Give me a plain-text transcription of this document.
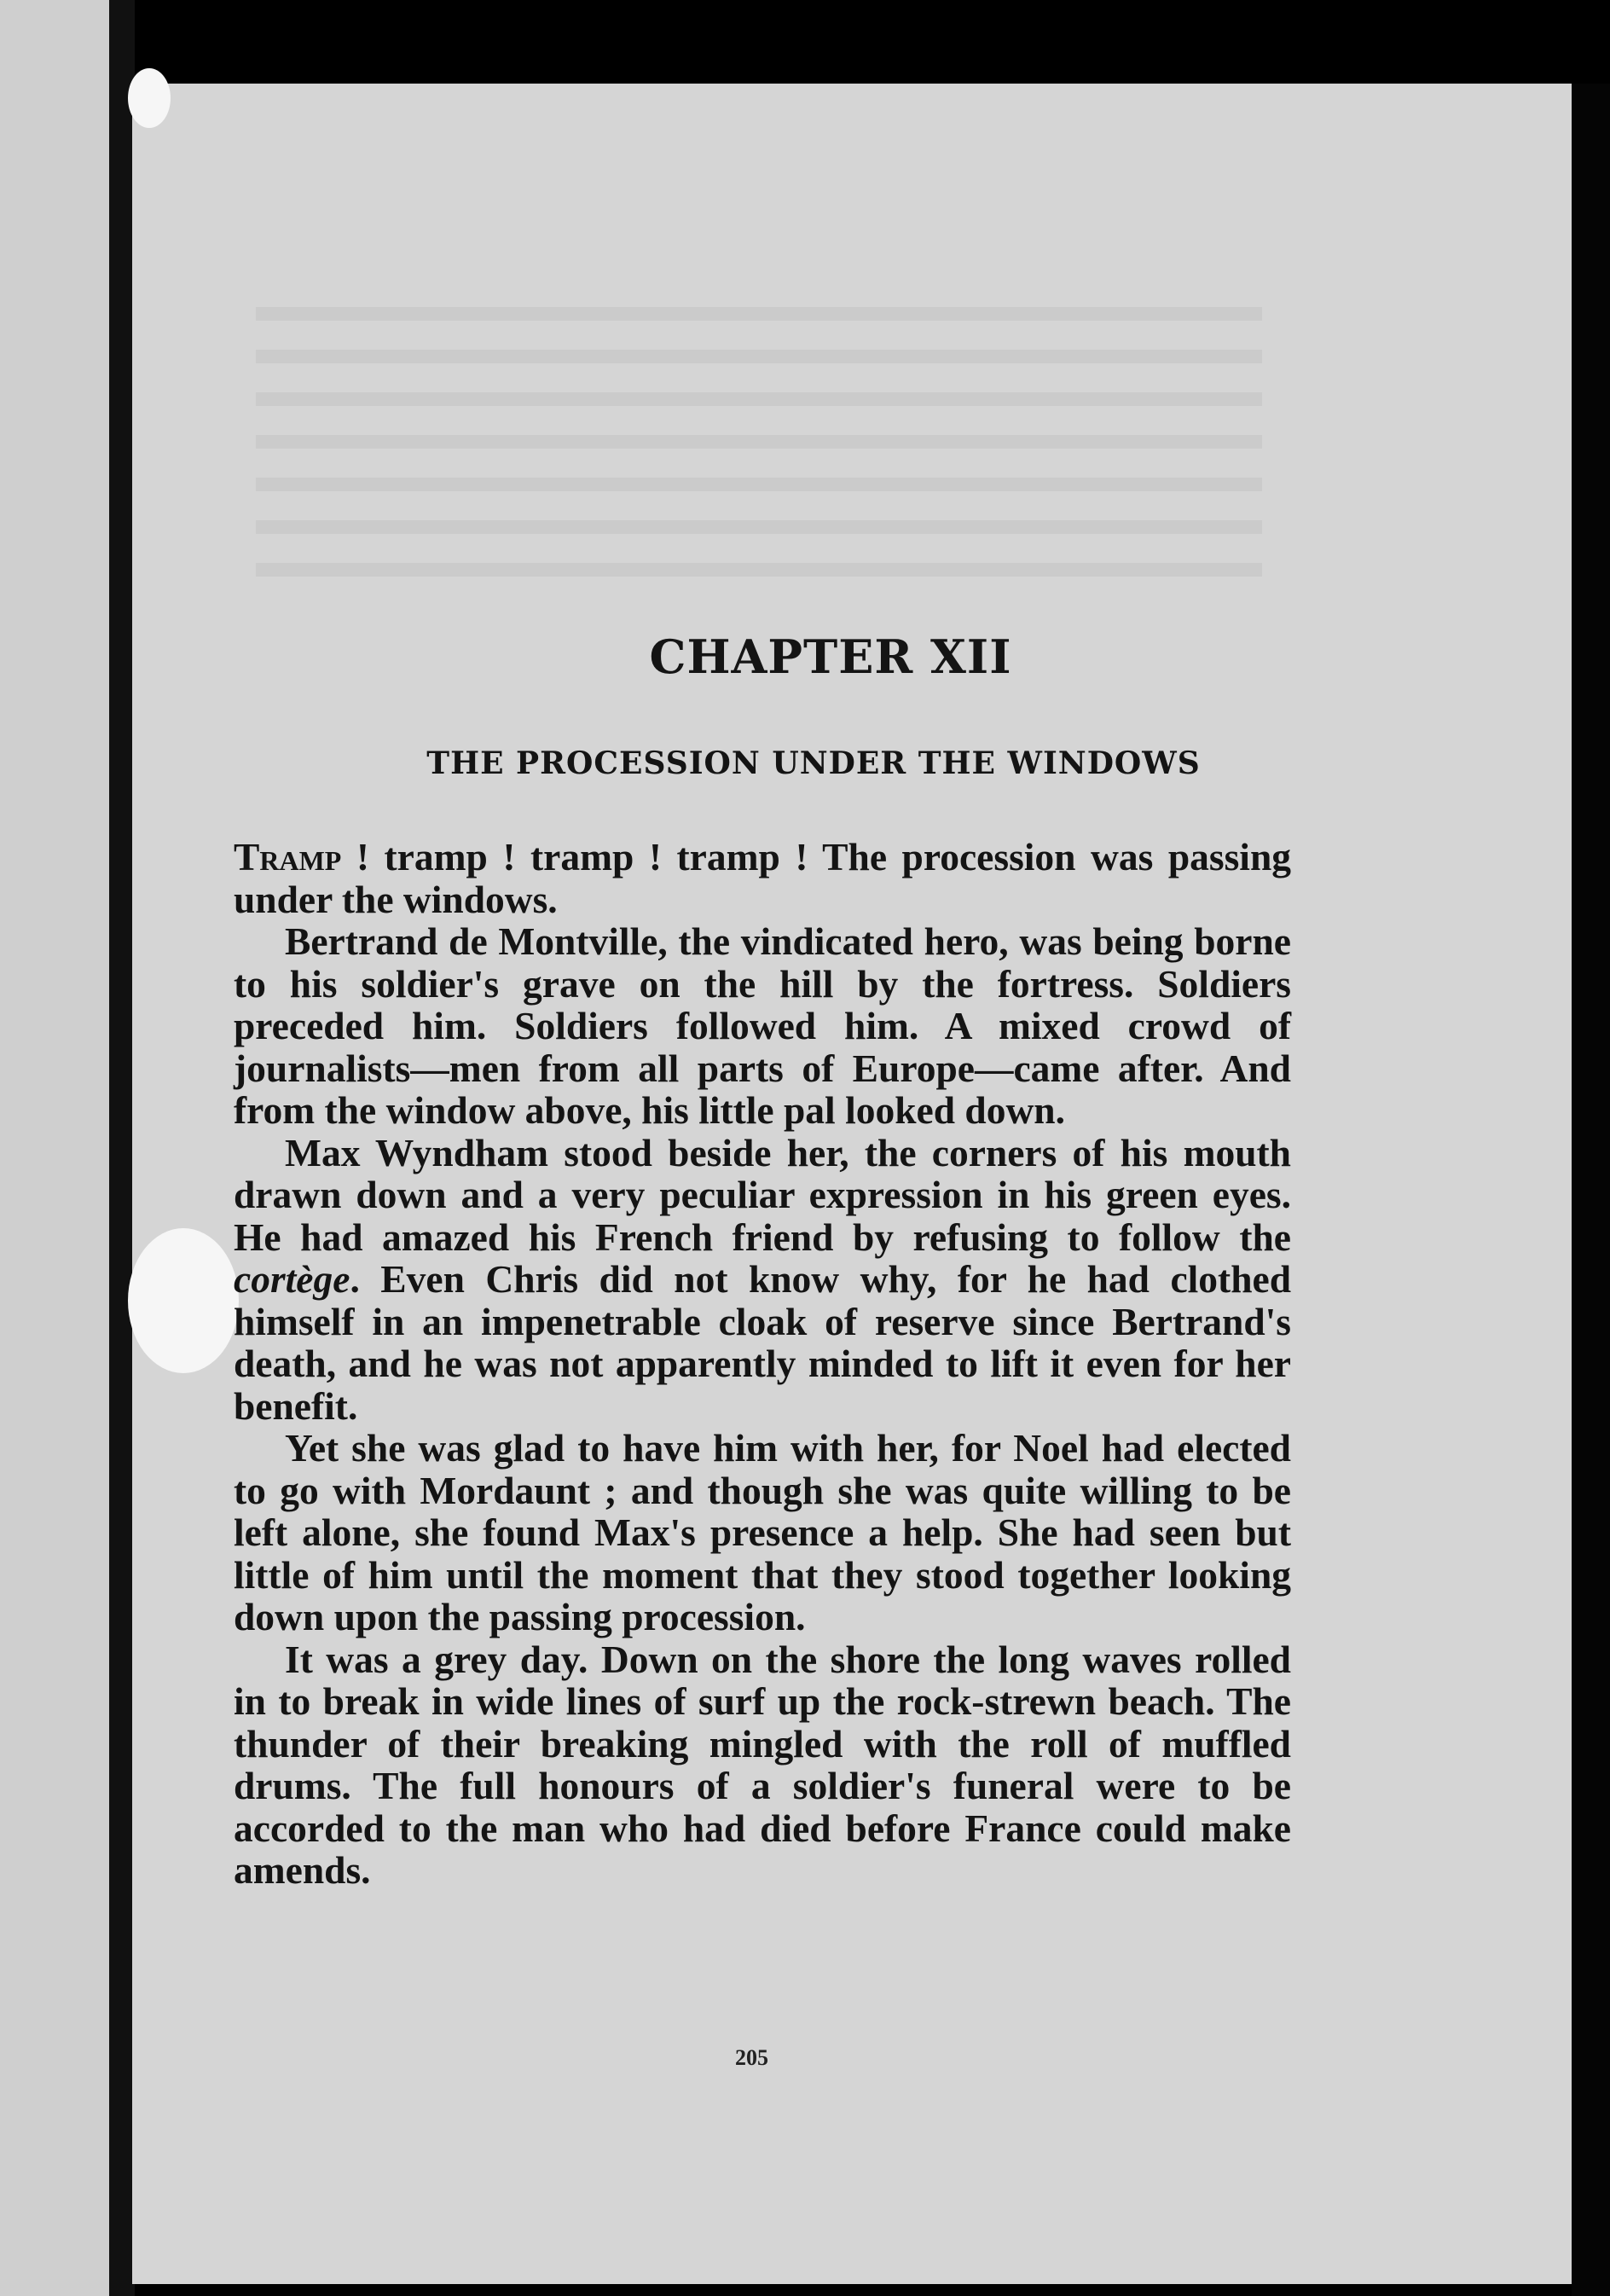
CHAPTER XII
THE PROCESSION UNDER THE WINDOWS

Tramp ! tramp ! tramp ! tramp ! The procession was passing under the windows.

Bertrand de Montville, the vindicated hero, was being borne to his soldier's grave on the hill by the fortress. Soldiers preceded him. Soldiers followed him. A mixed crowd of journalists—men from all parts of Europe—came after. And from the window above, his little pal looked down.

Max Wyndham stood beside her, the corners of his mouth drawn down and a very peculiar expression in his green eyes. He had amazed his French friend by refusing to follow the cortège. Even Chris did not know why, for he had clothed himself in an impenetrable cloak of reserve since Bertrand's death, and he was not apparently minded to lift it even for her benefit.

Yet she was glad to have him with her, for Noel had elected to go with Mordaunt ; and though she was quite willing to be left alone, she found Max's presence a help. She had seen but little of him until the moment that they stood together looking down upon the passing procession.

It was a grey day. Down on the shore the long waves rolled in to break in wide lines of surf up the rock-strewn beach. The thunder of their breaking mingled with the roll of muffled drums. The full honours of a soldier's funeral were to be accorded to the man who had died before France could make amends.

205
